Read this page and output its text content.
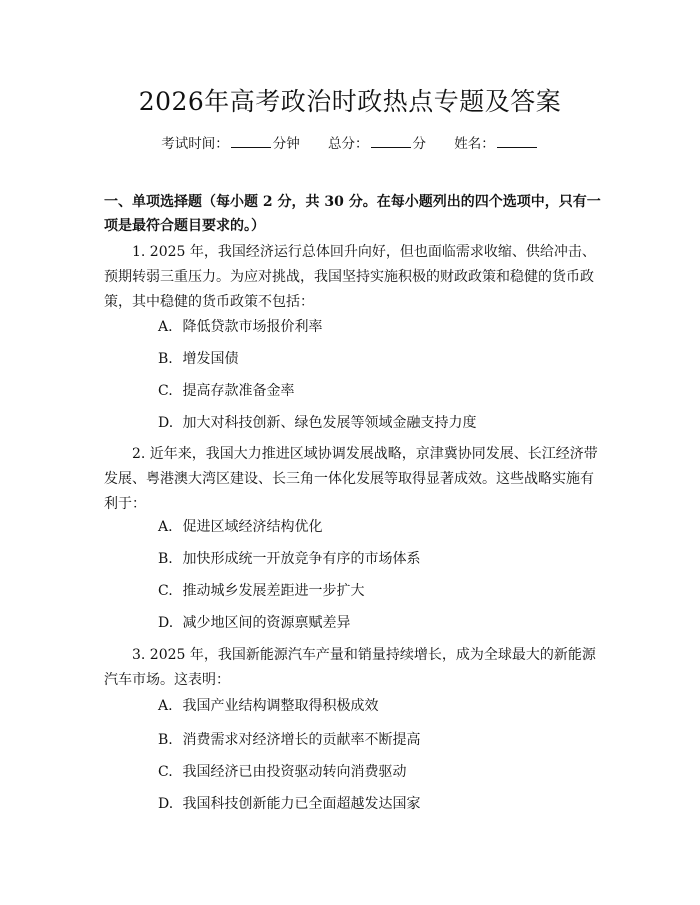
2026年高考政治时政热点专题及答案
考试时间：	分钟 总分：	分 姓名：
一、单项选择题（每小题 2 分，共 30 分。在每小题列出的四个选项中，只有一项是最符合题目要求的。）
1. 2025 年，我国经济运行总体回升向好，但也面临需求收缩、供给冲击、预期转弱三重压力。为应对挑战，我国坚持实施积极的财政政策和稳健的货币政策，其中稳健的货币政策不包括：
A. 降低贷款市场报价利率
B. 增发国债
C. 提高存款准备金率
D. 加大对科技创新、绿色发展等领域金融支持力度
2. 近年来，我国大力推进区域协调发展战略，京津冀协同发展、长江经济带发展、粤港澳大湾区建设、长三角一体化发展等取得显著成效。这些战略实施有利于：
A. 促进区域经济结构优化
B. 加快形成统一开放竞争有序的市场体系
C. 推动城乡发展差距进一步扩大
D. 减少地区间的资源禀赋差异
3. 2025 年，我国新能源汽车产量和销量持续增长，成为全球最大的新能源汽车市场。这表明：
A. 我国产业结构调整取得积极成效
B. 消费需求对经济增长的贡献率不断提高
C. 我国经济已由投资驱动转向消费驱动
D. 我国科技创新能力已全面超越发达国家
